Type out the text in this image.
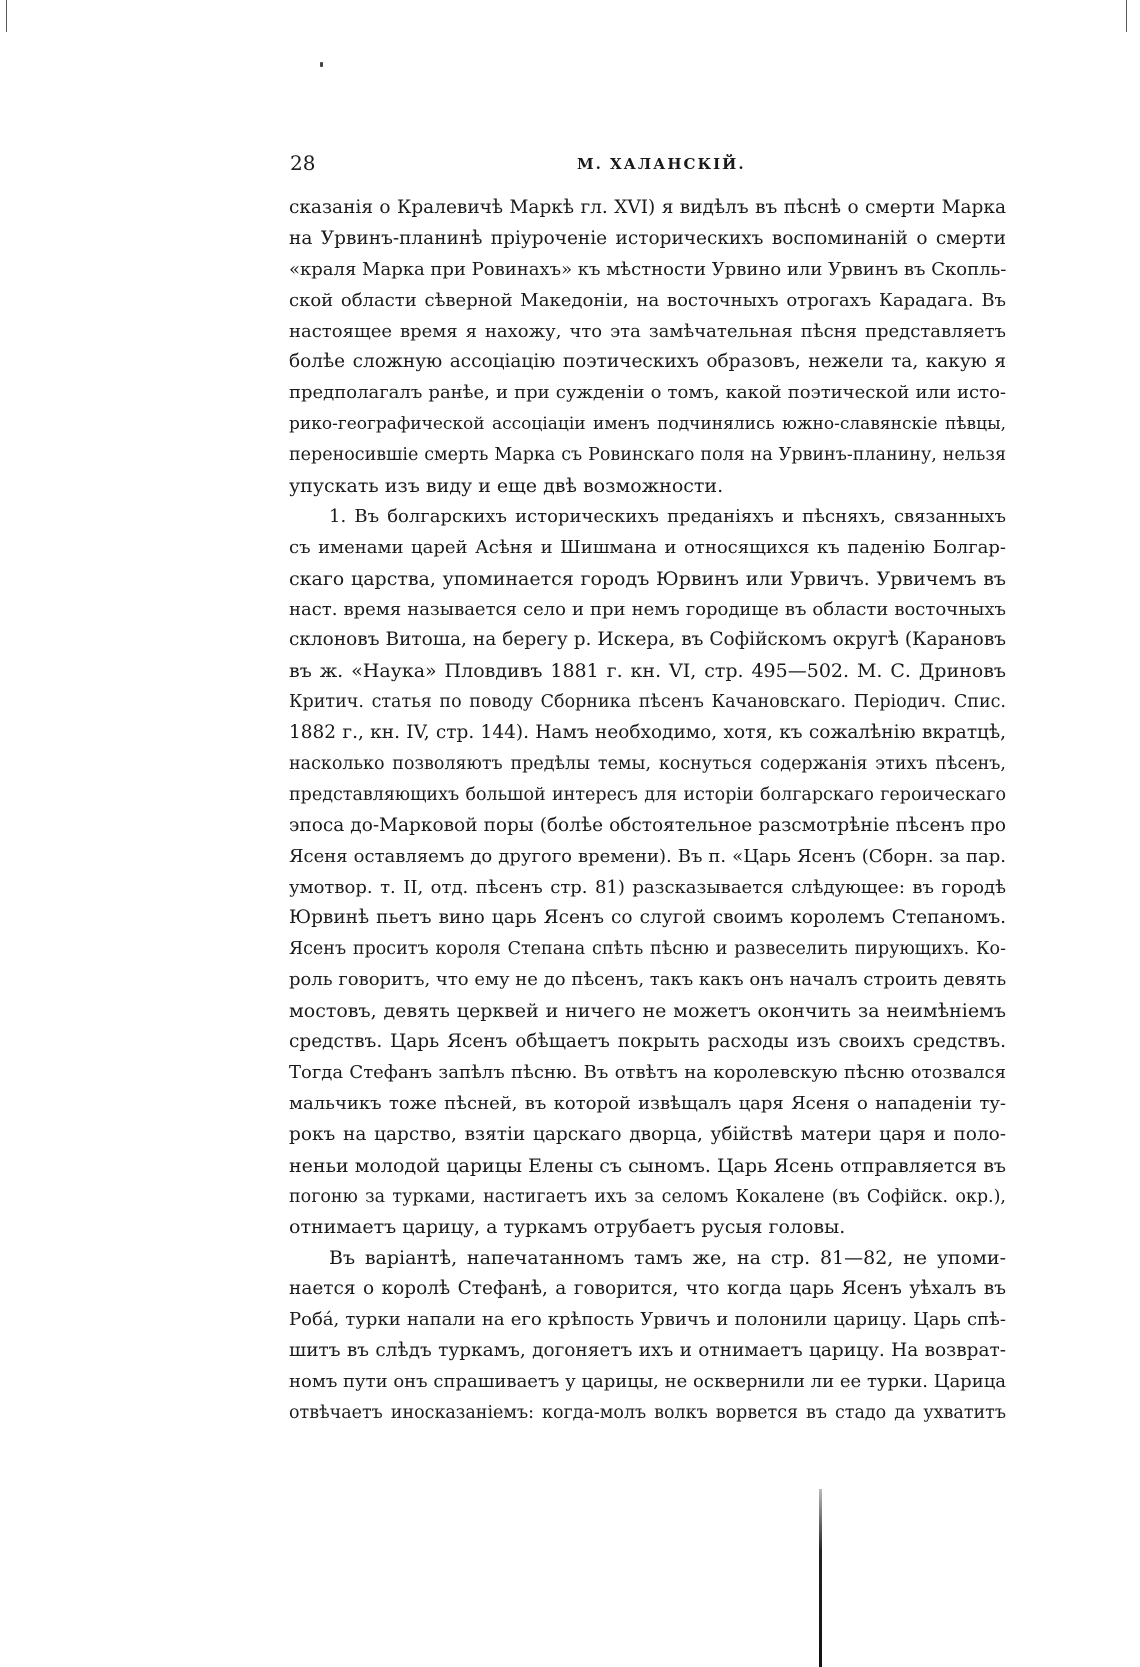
28	М. ХАЛАНСКІЙ.
сказанія о Кралевичѣ Маркѣ гл. XVI) я видѣлъ въ пѣснѣ о смерти Марка
на Урвинъ-планинѣ пріуроченіе историческихъ воспоминаній о смерти
«краля Марка при Ровинахъ» къ мѣстности Урвино или Урвинъ въ Скопль-
ской области сѣверной Македоніи, на восточныхъ отрогахъ Карадага. Въ
настоящее время я нахожу, что эта замѣчательная пѣсня представляетъ
болѣе сложную ассоціацію поэтическихъ образовъ, нежели та, какую я
предполагалъ ранѣе, и при сужденіи о томъ, какой поэтической или исто-
рико-географической ассоціаціи именъ подчинялись южно-славянскіе пѣвцы,
переносившіе смерть Марка съ Ровинскаго поля на Урвинъ-планину, нельзя
упускать изъ виду и еще двѣ возможности.
1. Въ болгарскихъ историческихъ преданіяхъ и пѣсняхъ, связанныхъ
съ именами царей Асѣня и Шишмана и относящихся къ паденію Болгар-
скаго царства, упоминается городъ Юрвинъ или Урвичъ. Урвичемъ въ
наст. время называется село и при немъ городище въ области восточныхъ
склоновъ Витоша, на берегу р. Искера, въ Софійскомъ округѣ (Карановъ
въ ж. «Наука» Пловдивъ 1881 г. кн. VI, стр. 495—502. М. С. Дриновъ
Критич. статья по поводу Сборника пѣсенъ Качановскаго. Періодич. Спис.
1882 г., кн. IV, стр. 144). Намъ необходимо, хотя, къ сожалѣнію вкратцѣ,
насколько позволяютъ предѣлы темы, коснуться содержанія этихъ пѣсенъ,
представляющихъ большой интересъ для исторіи болгарскаго героическаго
эпоса до-Марковой поры (болѣе обстоятельное разсмотрѣніе пѣсенъ про
Ясеня оставляемъ до другого времени). Въ п. «Царь Ясенъ (Сборн. за пар.
умотвор. т. II, отд. пѣсенъ стр. 81) разсказывается слѣдующее: въ городѣ
Юрвинѣ пьетъ вино царь Ясенъ со слугой своимъ королемъ Степаномъ.
Ясенъ проситъ короля Степана спѣть пѣсню и развеселить пирующихъ. Ко-
роль говоритъ, что ему не до пѣсенъ, такъ какъ онъ началъ строить девять
мостовъ, девять церквей и ничего не можетъ окончить за неимѣніемъ
средствъ. Царь Ясенъ обѣщаетъ покрыть расходы изъ своихъ средствъ.
Тогда Стефанъ запѣлъ пѣсню. Въ отвѣтъ на королевскую пѣсню отозвался
мальчикъ тоже пѣсней, въ которой извѣщалъ царя Ясеня о нападеніи ту-
рокъ на царство, взятіи царскаго дворца, убійствѣ матери царя и поло-
неньи молодой царицы Елены съ сыномъ. Царь Ясень отправляется въ
погоню за турками, настигаетъ ихъ за селомъ Кокалене (въ Софійск. окр.),
отнимаетъ царицу, а туркамъ отрубаетъ русыя головы.
Въ варіантѣ, напечатанномъ тамъ же, на стр. 81—82, не упоми-
нается о королѣ Стефанѣ, а говорится, что когда царь Ясенъ уѣхалъ въ
Робá, турки напали на его крѣпость Урвичъ и полонили царицу. Царь спѣ-
шитъ въ слѣдъ туркамъ, догоняетъ ихъ и отнимаетъ царицу. На возврат-
номъ пути онъ спрашиваетъ у царицы, не осквернили ли ее турки. Царица
отвѣчаетъ иносказаніемъ: когда-молъ волкъ ворвется въ стадо да ухватитъ
